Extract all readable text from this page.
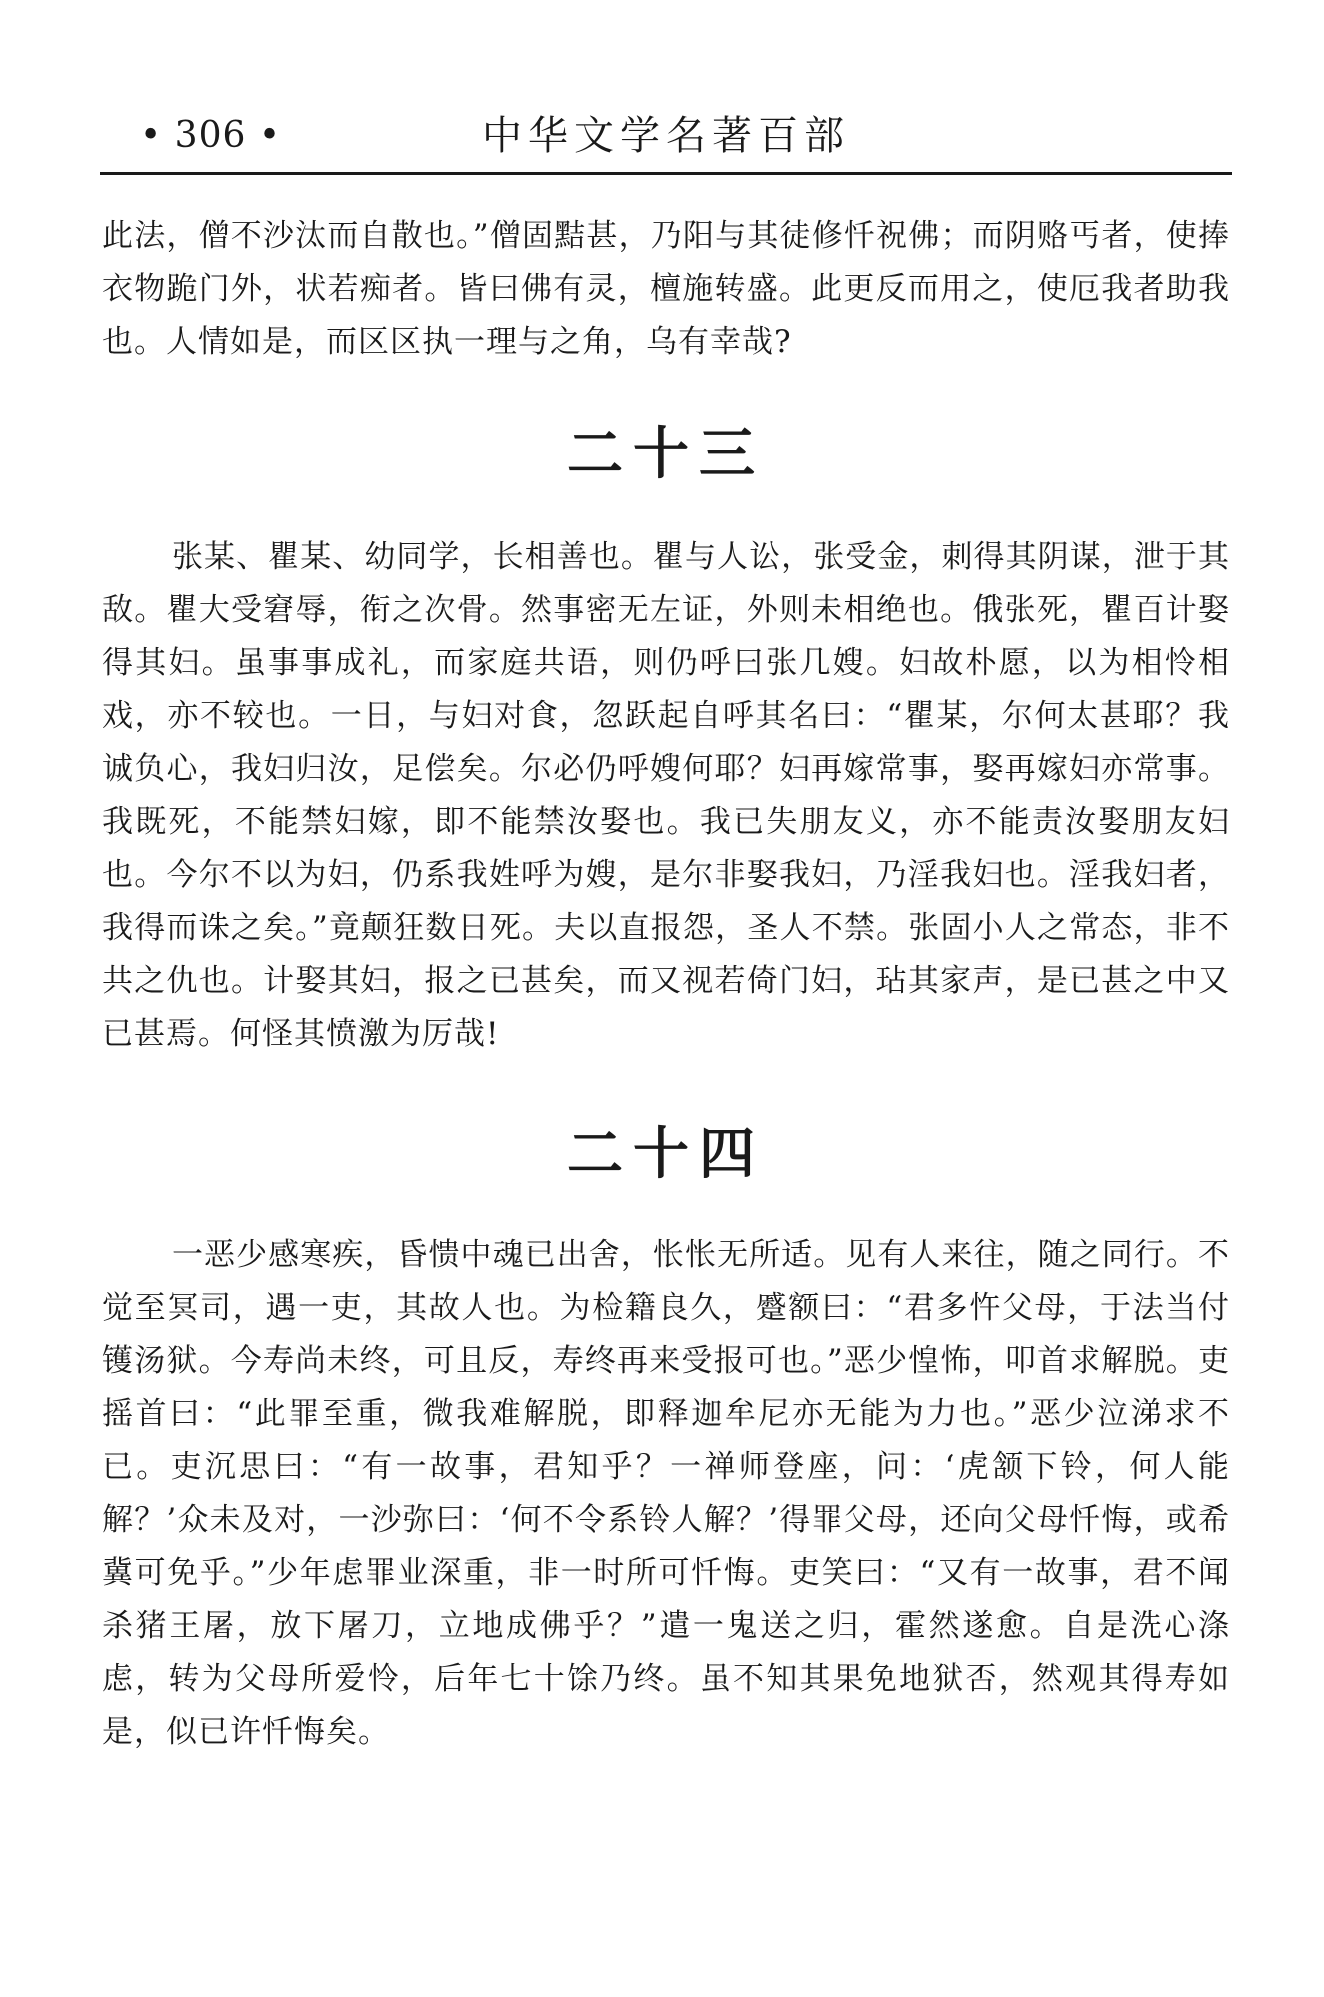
• 306 •	中华文学名著百部

此法，僧不沙汰而自散也。”僧固黠甚，乃阳与其徒修忏祝佛；而阴赂丐者，使捧衣物跪门外，状若痴者。皆曰佛有灵，檀施转盛。此更反而用之，使厄我者助我也。人情如是，而区区执一理与之角，乌有幸哉?

二十三

张某、瞿某、幼同学，长相善也。瞿与人讼，张受金，刺得其阴谋，泄于其敌。瞿大受窘辱，衔之次骨。然事密无左证，外则未相绝也。俄张死，瞿百计娶得其妇。虽事事成礼，而家庭共语，则仍呼曰张几嫂。妇故朴愿，以为相怜相戏，亦不较也。一日，与妇对食，忽跃起自呼其名曰：“瞿某，尔何太甚耶？我诚负心，我妇归汝，足偿矣。尔必仍呼嫂何耶？妇再嫁常事，娶再嫁妇亦常事。我既死，不能禁妇嫁，即不能禁汝娶也。我已失朋友义，亦不能责汝娶朋友妇也。今尔不以为妇，仍系我姓呼为嫂，是尔非娶我妇，乃淫我妇也。淫我妇者，我得而诛之矣。”竟颠狂数日死。夫以直报怨，圣人不禁。张固小人之常态，非不共之仇也。计娶其妇，报之已甚矣，而又视若倚门妇，玷其家声，是已甚之中又已甚焉。何怪其愤激为厉哉!

二十四

一恶少感寒疾，昏愦中魂已出舍，怅怅无所适。见有人来往，随之同行。不觉至冥司，遇一吏，其故人也。为检籍良久，蹙额曰：“君多忤父母，于法当付镬汤狱。今寿尚未终，可且反，寿终再来受报可也。”恶少惶怖，叩首求解脱。吏摇首曰：“此罪至重，微我难解脱，即释迦牟尼亦无能为力也。”恶少泣涕求不已。吏沉思曰：“有一故事，君知乎？一禅师登座，问：‘虎颔下铃，何人能解？’众未及对，一沙弥曰：‘何不令系铃人解？’得罪父母，还向父母忏悔，或希冀可免乎。”少年虑罪业深重，非一时所可忏悔。吏笑曰：“又有一故事，君不闻杀猪王屠，放下屠刀，立地成佛乎？”遣一鬼送之归，霍然遂愈。自是洗心涤虑，转为父母所爱怜，后年七十馀乃终。虽不知其果免地狱否，然观其得寿如是，似已许忏悔矣。
